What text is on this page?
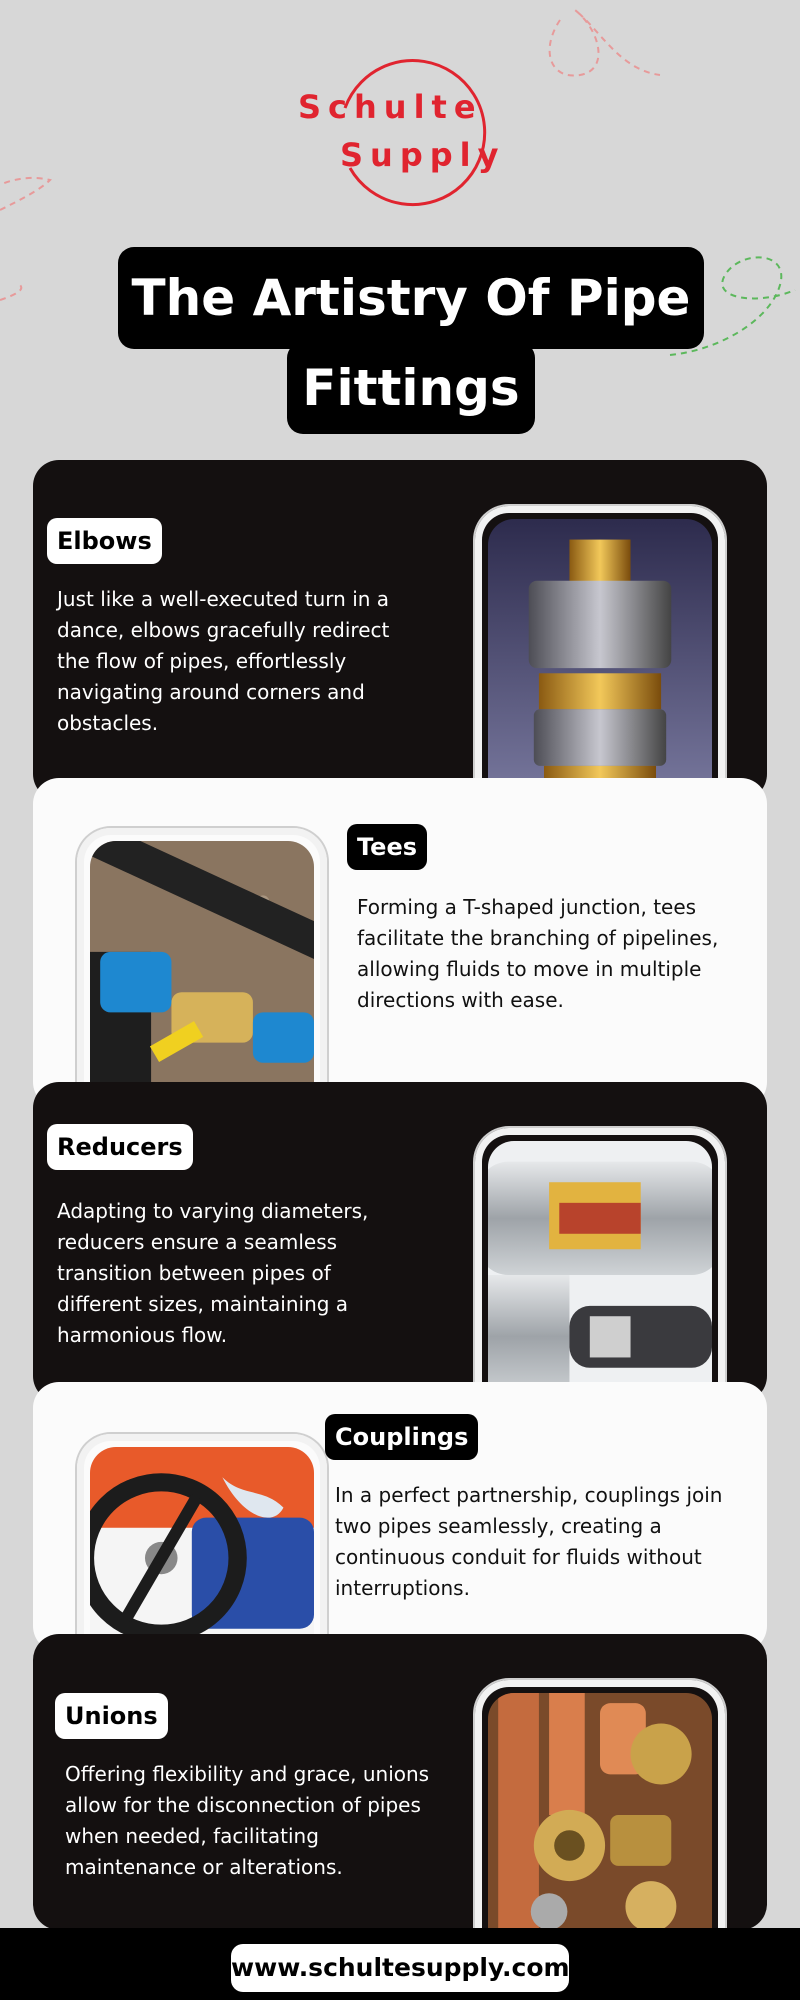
Schulte
Supply
The Artistry Of Pipe
Fittings
Elbows
Just like a well-executed turn in a dance, elbows gracefully redirect the flow of pipes, effortlessly navigating around corners and obstacles.
Tees
Forming a T-shaped junction, tees facilitate the branching of pipelines, allowing fluids to move in multiple directions with ease.
Reducers
Adapting to varying diameters, reducers ensure a seamless transition between pipes of different sizes, maintaining a harmonious flow.
Couplings
In a perfect partnership, couplings join two pipes seamlessly, creating a continuous conduit for fluids without interruptions.
Unions
Offering flexibility and grace, unions allow for the disconnection of pipes when needed, facilitating maintenance or alterations.
www.schultesupply.com
